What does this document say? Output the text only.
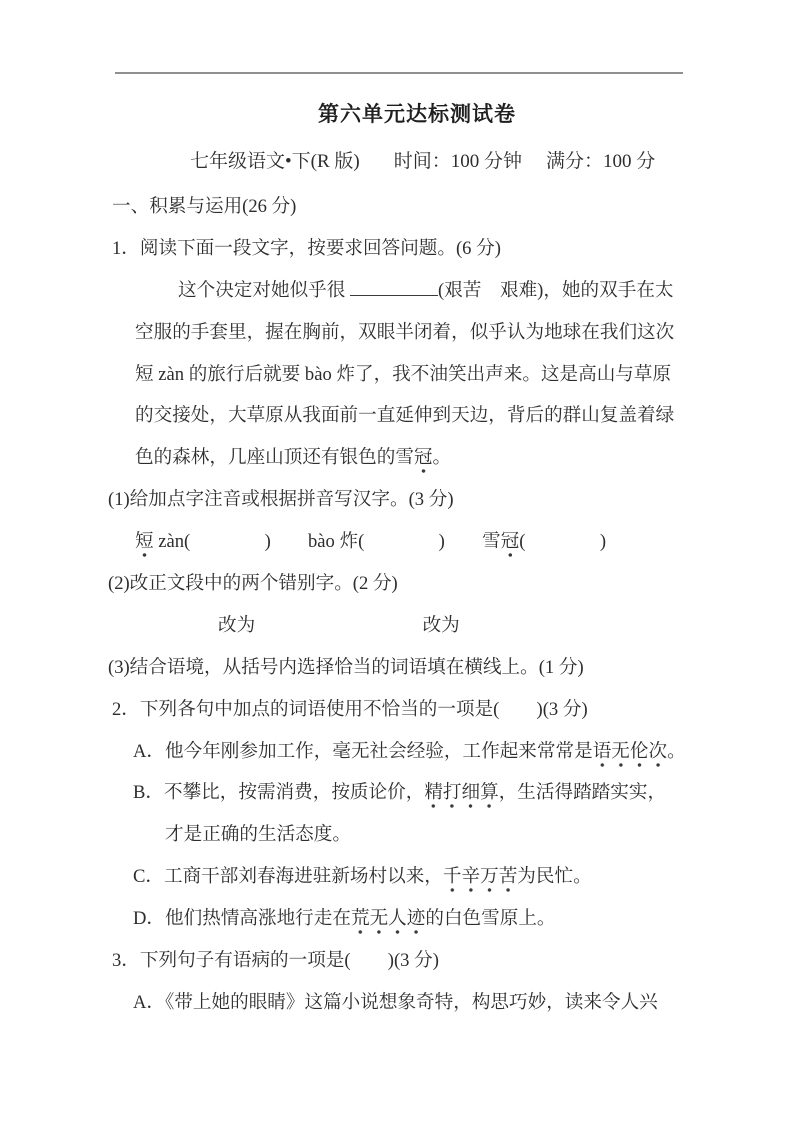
第六单元达标测试卷
七年级语文•下(R 版) 时间：100 分钟 满分：100 分
一、积累与运用(26 分)
1．阅读下面一段文字，按要求回答问题。(6 分)
这个决定对她似乎很	(艰苦　艰难)，她的双手在太
空服的手套里，握在胸前，双眼半闭着，似乎认为地球在我们这次
短 zàn 的旅行后就要 bào 炸了，我不油笑出声来。这是高山与草原
的交接处，大草原从我面前一直延伸到天边，背后的群山复盖着绿
色的森林，几座山顶还有银色的雪冠。
(1)给加点字注音或根据拼音写汉字。(3 分)
短 zàn(　　　　)　　bào 炸(　　　　)　　雪冠(　　　　)
(2)改正文段中的两个错别字。(2 分)
改为　　　　　　　　　	改为
(3)结合语境，从括号内选择恰当的词语填在横线上。(1 分)
2．下列各句中加点的词语使用不恰当的一项是(　　)(3 分)
A．他今年刚参加工作，毫无社会经验，工作起来常常是语无伦次。
B．不攀比，按需消费，按质论价，精打细算，生活得踏踏实实，
才是正确的生活态度。
C．工商干部刘春海进驻新场村以来，千辛万苦为民忙。
D．他们热情高涨地行走在荒无人迹的白色雪原上。
3．下列句子有语病的一项是(　　)(3 分)
A．《带上她的眼睛》这篇小说想象奇特，构思巧妙，读来令人兴
